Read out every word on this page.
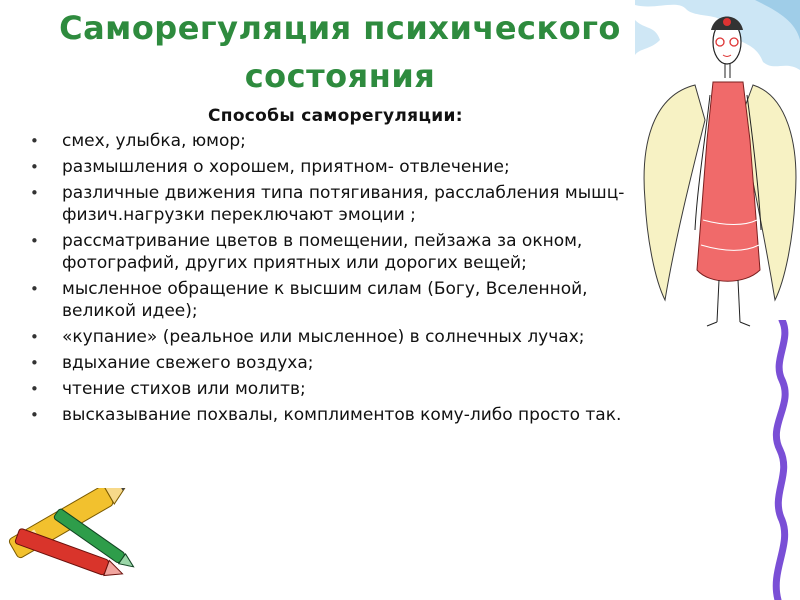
Саморегуляция психического
состояния
Способы саморегуляции:
• смех, улыбка, юмор;
• размышления о хорошем, приятном- отвлечение;
• различные движения типа потягивания, расслабления мышц- физич.нагрузки переключают эмоции ;
• рассматривание цветов в помещении, пейзажа за окном, фотографий, других приятных или дорогих вещей;
• мысленное обращение к высшим силам (Богу, Вселенной, великой идее);
• «купание» (реальное или мысленное) в солнечных лучах;
• вдыхание свежего воздуха;
• чтение стихов или молитв;
• высказывание похвалы, комплиментов кому-либо просто так.
